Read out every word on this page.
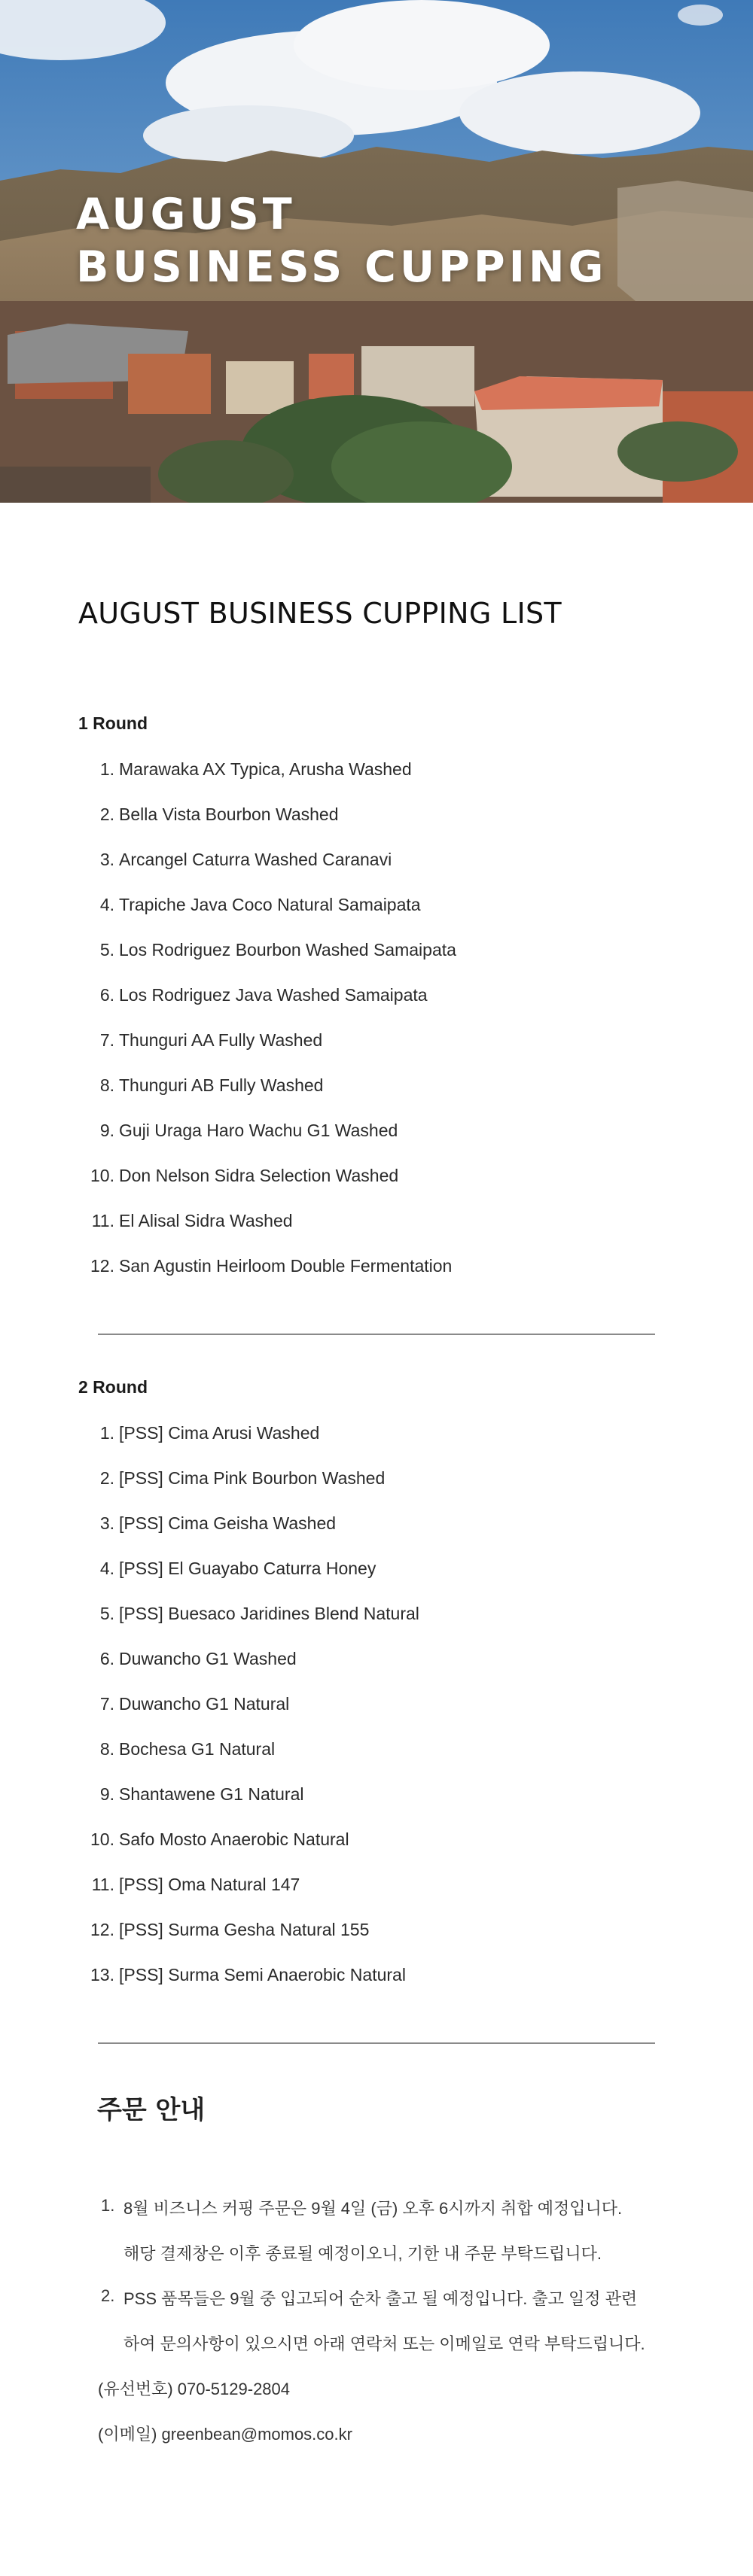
AUGUST
BUSINESS CUPPING
AUGUST BUSINESS CUPPING LIST
1 Round
1. Marawaka AX Typica, Arusha Washed
2. Bella Vista Bourbon Washed
3. Arcangel Caturra Washed Caranavi
4. Trapiche Java Coco Natural Samaipata
5. Los Rodriguez Bourbon Washed Samaipata
6. Los Rodriguez Java Washed Samaipata
7. Thunguri AA Fully Washed
8. Thunguri AB Fully Washed
9. Guji Uraga Haro Wachu G1 Washed
10. Don Nelson Sidra Selection Washed
11. El Alisal Sidra Washed
12. San Agustin Heirloom Double Fermentation
2 Round
1. [PSS] Cima Arusi Washed
2. [PSS] Cima Pink Bourbon Washed
3. [PSS] Cima Geisha Washed
4. [PSS] El Guayabo Caturra Honey
5. [PSS] Buesaco Jaridines Blend Natural
6. Duwancho G1 Washed
7. Duwancho G1 Natural
8. Bochesa G1 Natural
9. Shantawene G1 Natural
10. Safo Mosto Anaerobic Natural
11. [PSS] Oma Natural 147
12. [PSS] Surma Gesha Natural 155
13. [PSS] Surma Semi Anaerobic Natural
주문 안내

1. 8월 비즈니스 커핑 주문은 9월 4일 (금) 오후 6시까지 취합 예정입니다.

해당 결제창은 이후 종료될 예정이오니, 기한 내 주문 부탁드립니다.

2. PSS 품목들은 9월 중 입고되어 순차 출고 될 예정입니다. 출고 일정 관련

하여 문의사항이 있으시면 아래 연락처 또는 이메일로 연락 부탁드립니다.

(유선번호) 070-5129-2804

(이메일) greenbean@momos.co.kr
